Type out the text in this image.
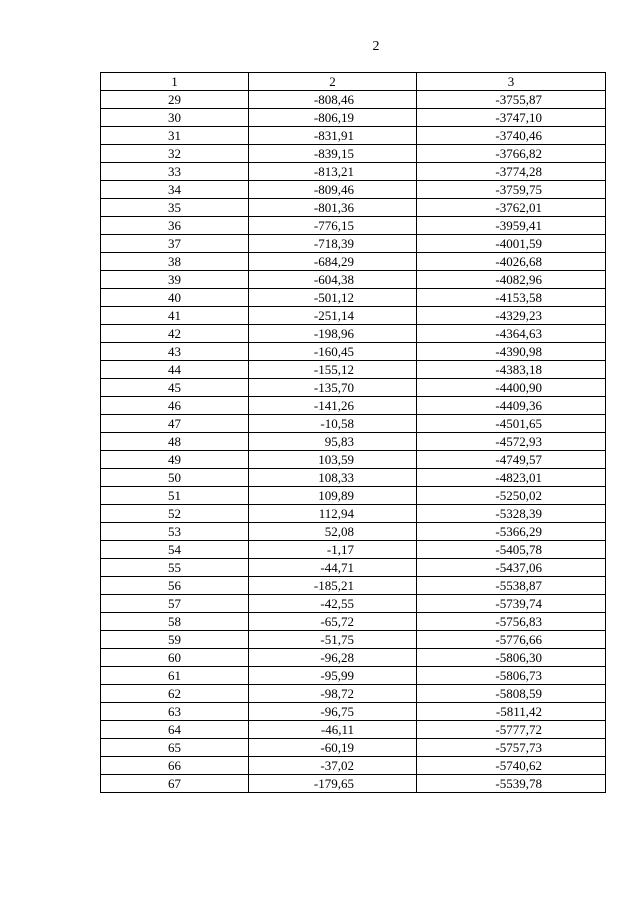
2
1	2	3
29	-808,46	-3755,87
30	-806,19	-3747,10
31	-831,91	-3740,46
32	-839,15	-3766,82
33	-813,21	-3774,28
34	-809,46	-3759,75
35	-801,36	-3762,01
36	-776,15	-3959,41
37	-718,39	-4001,59
38	-684,29	-4026,68
39	-604,38	-4082,96
40	-501,12	-4153,58
41	-251,14	-4329,23
42	-198,96	-4364,63
43	-160,45	-4390,98
44	-155,12	-4383,18
45	-135,70	-4400,90
46	-141,26	-4409,36
47	-10,58	-4501,65
48	95,83	-4572,93
49	103,59	-4749,57
50	108,33	-4823,01
51	109,89	-5250,02
52	112,94	-5328,39
53	52,08	-5366,29
54	-1,17	-5405,78
55	-44,71	-5437,06
56	-185,21	-5538,87
57	-42,55	-5739,74
58	-65,72	-5756,83
59	-51,75	-5776,66
60	-96,28	-5806,30
61	-95,99	-5806,73
62	-98,72	-5808,59
63	-96,75	-5811,42
64	-46,11	-5777,72
65	-60,19	-5757,73
66	-37,02	-5740,62
67	-179,65	-5539,78
